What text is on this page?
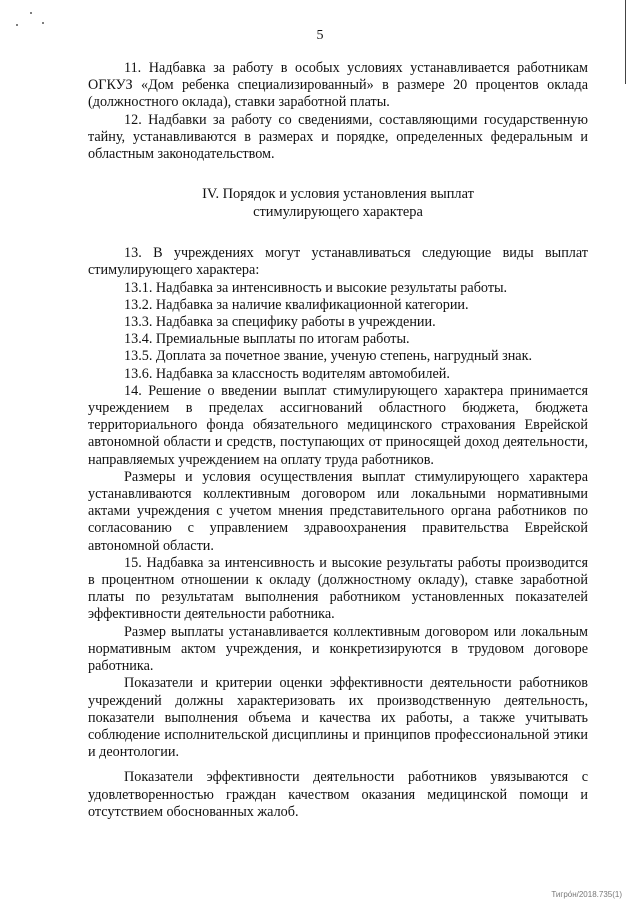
5

11. Надбавка за работу в особых условиях устанавливается работникам ОГКУЗ «Дом ребенка специализированный» в размере 20 процентов оклада (должностного оклада), ставки заработной платы.

12. Надбавки за работу со сведениями, составляющими государственную тайну, устанавливаются в размерах и порядке, определенных федеральным и областным законодательством.

IV. Порядок и условия установления выплат
стимулирующего характера

13. В учреждениях могут устанавливаться следующие виды выплат стимулирующего характера:

13.1. Надбавка за интенсивность и высокие результаты работы.
13.2. Надбавка за наличие квалификационной категории.
13.3. Надбавка за специфику работы в учреждении.
13.4. Премиальные выплаты по итогам работы.
13.5. Доплата за почетное звание, ученую степень, нагрудный знак.
13.6. Надбавка за классность водителям автомобилей.

14. Решение о введении выплат стимулирующего характера принимается учреждением в пределах ассигнований областного бюджета, бюджета территориального фонда обязательного медицинского страхования Еврейской автономной области и средств, поступающих от приносящей доход деятельности, направляемых учреждением на оплату труда работников.

Размеры и условия осуществления выплат стимулирующего характера устанавливаются коллективным договором или локальными нормативными актами учреждения с учетом мнения представительного органа работников по согласованию с управлением здравоохранения правительства Еврейской автономной области.

15. Надбавка за интенсивность и высокие результаты работы производится в процентном отношении к окладу (должностному окладу), ставке заработной платы по результатам выполнения работником установленных показателей эффективности деятельности работника.

Размер выплаты устанавливается коллективным договором или локальным нормативным актом учреждения, и конкретизируются в трудовом договоре работника.

Показатели и критерии оценки эффективности деятельности работников учреждений должны характеризовать их производственную деятельность, показатели выполнения объема и качества их работы, а также учитывать соблюдение исполнительской дисциплины и принципов профессиональной этики и деонтологии.

Показатели эффективности деятельности работников увязываются с удовлетворенностью граждан качеством оказания медицинской помощи и отсутствием обоснованных жалоб.

Тигро́н/2018.735(1)
